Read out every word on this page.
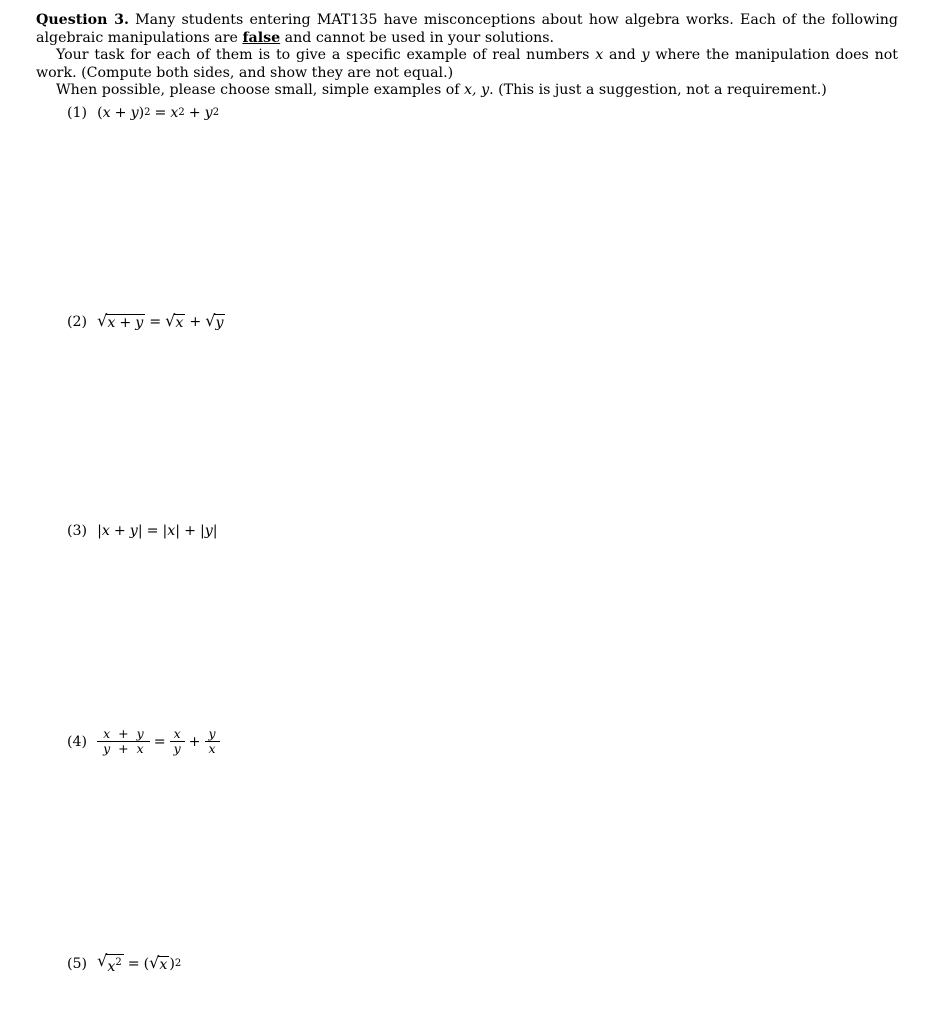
Question 3. Many students entering MAT135 have misconceptions about how algebra works. Each of the following algebraic manipulations are false and cannot be used in your solutions.

Your task for each of them is to give a specific example of real numbers x and y where the manipulation does not work. (Compute both sides, and show they are not equal.)

When possible, please choose small, simple examples of x, y. (This is just a suggestion, not a requirement.)

(1) ( x + y ) 2 = x 2 + y 2
(2) √ x + y = √ x + √ y
(3) | x + y | = | x | + | y |
$(4) \frac{x + y}{y + x} = \frac{x}{y} + \frac{y}{x}$
(5) √ $x^2$ = ( √ x ) 2
